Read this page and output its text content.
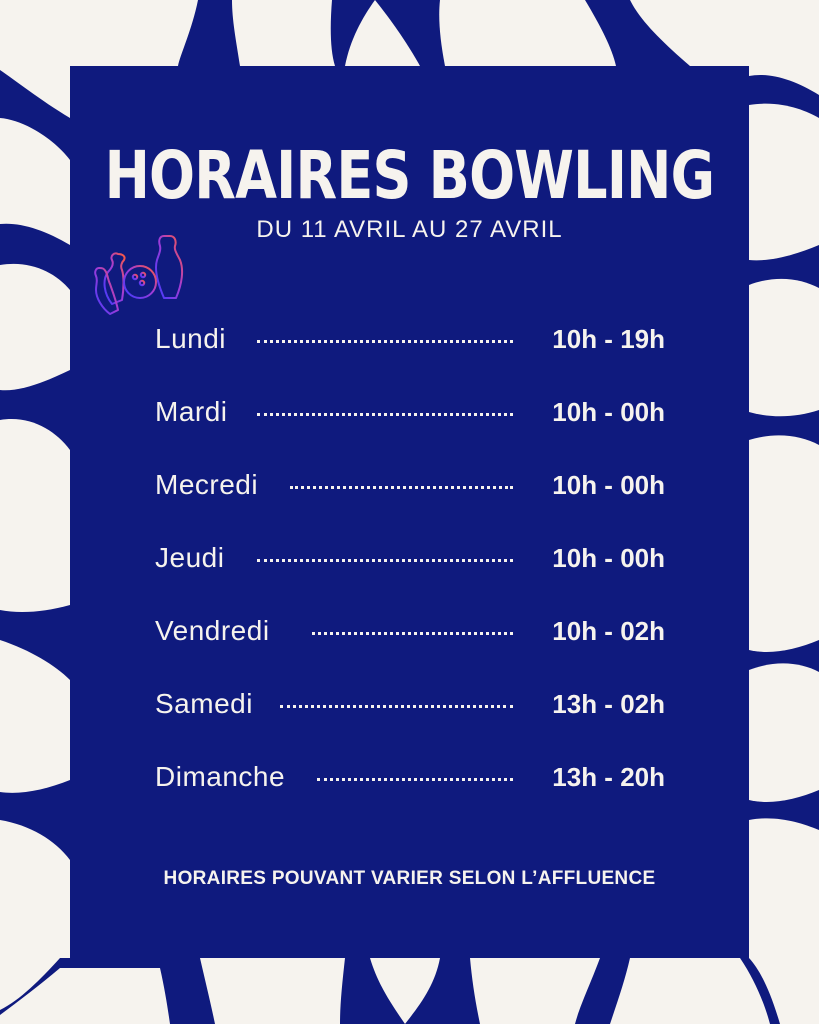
HORAIRES BOWLING
DU 11 AVRIL AU 27 AVRIL
Lundi	10h - 19h
Mardi	10h - 00h
Mecredi	10h - 00h
Jeudi	10h - 00h
Vendredi	10h - 02h
Samedi	13h - 02h
Dimanche	13h - 20h
HORAIRES POUVANT VARIER SELON L’AFFLUENCE
